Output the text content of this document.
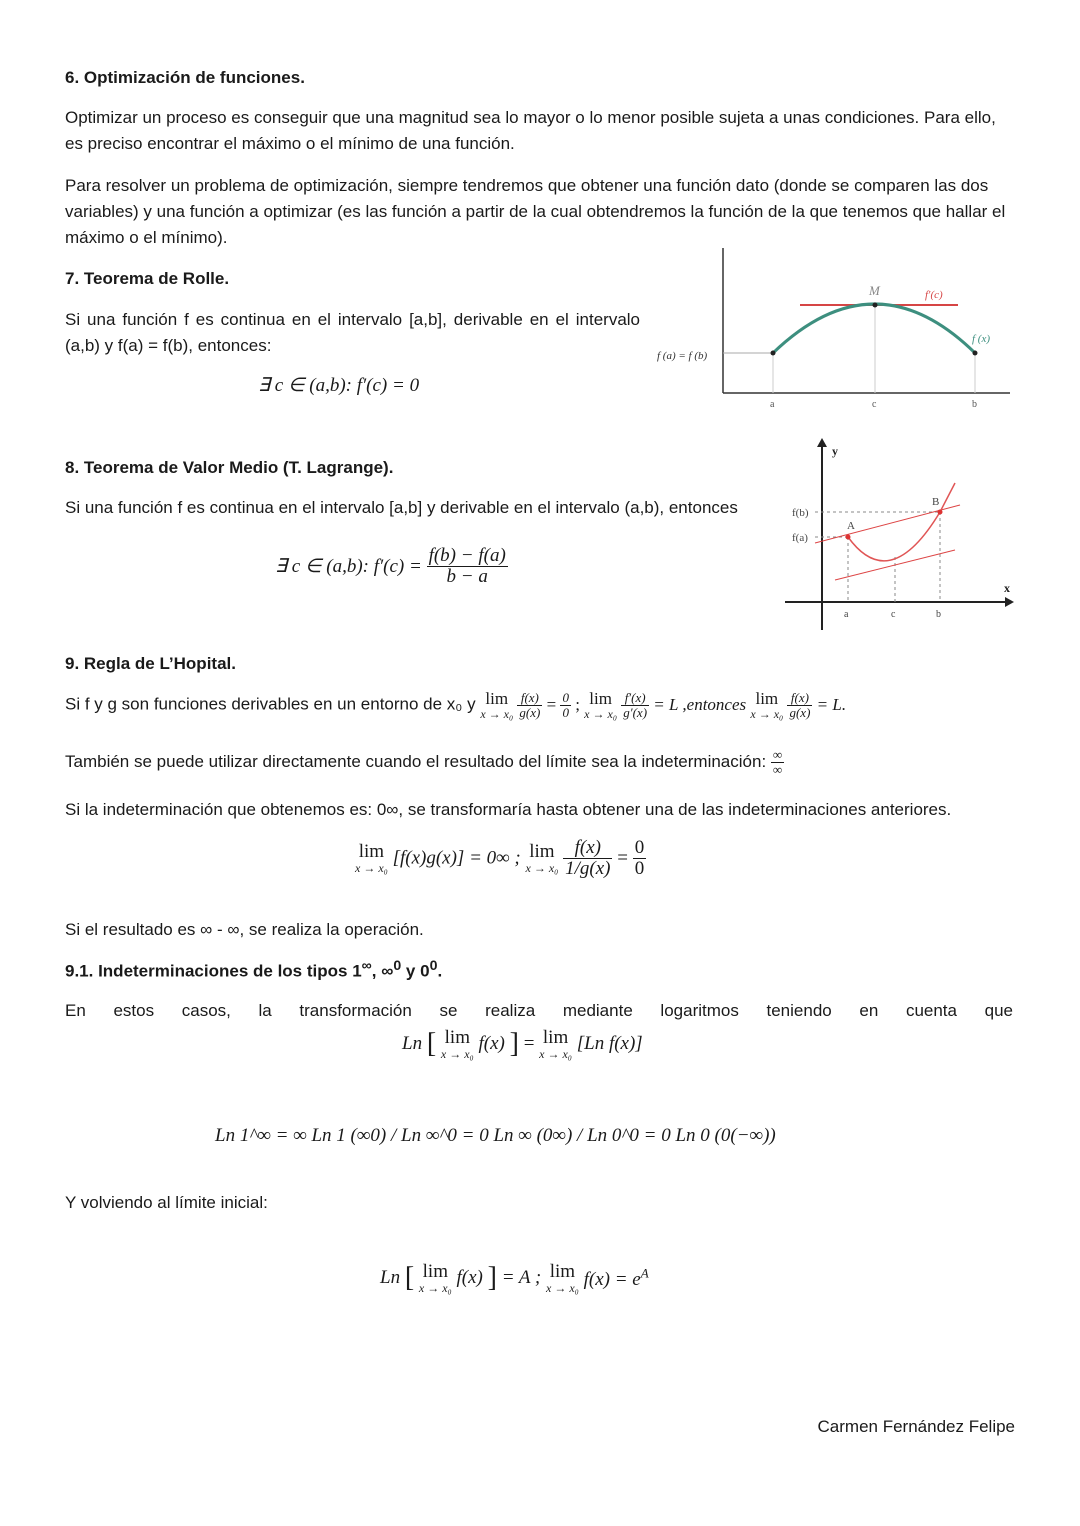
6. Optimización de funciones.
Optimizar un proceso es conseguir que una magnitud sea lo mayor o lo menor posible sujeta a unas condiciones. Para ello, es preciso encontrar el máximo o el mínimo de una función.
Para resolver un problema de optimización, siempre tendremos que obtener una función dato (donde se comparen las dos variables) y una función a optimizar (es las función a partir de la cual obtendremos la función de la que tenemos que hallar el máximo o el mínimo).
7. Teorema de Rolle.
Si una función f es continua en el intervalo [a,b], derivable en el intervalo (a,b) y f(a) = f(b), entonces:
∃ c ∈ (a,b): f′(c) = 0
f (a) = f (b)
M	f′(c)
f (x)
a	c	b
8. Teorema de Valor Medio (T. Lagrange).
Si una función f es continua en el intervalo [a,b] y derivable en el intervalo (a,b), entonces
∃ c ∈ (a,b): $f'(c) = \frac{f(b) - f(a)}{b - a}$
y
x
f(b)
f(a)
A
B
a	c	b
9. Regla de L’Hopital.
Si f y g son funciones derivables en un entorno de x₀ y lim
x → x₀
$\frac{f(x)}{g(x)} = \frac{0}{0}$ ; lim
x → x₀
$\frac{f'(x)}{g'(x)} = L$ ,entonces lim
x → x₀
$\frac{f(x)}{g(x)} = L$.
También se puede utilizar directamente cuando el resultado del límite sea la indeterminación: $\frac{\infty}{\infty}$
Si la indeterminación que obtenemos es: 0∞, se transformaría hasta obtener una de las indeterminaciones anteriores.
lim
x → x₀ [f(x)g(x)] = 0∞ ; lim
x → x₀
$\frac{f(x)}{1/g(x)} = \frac{0}{0}$
Si el resultado es ∞ - ∞, se realiza la operación.
9.1. Indeterminaciones de los tipos 1∞, ∞$^0$ y $0^0$.
En estos casos, la transformación se realiza mediante logaritmos teniendo en cuenta que
Ln [ lim
x → x₀ f(x) ] = lim
x → x₀ [Ln f(x)]
Ln 1^∞ = ∞ Ln 1 (∞0) / Ln ∞^0 = 0 Ln ∞ (0∞) / Ln 0^0 = 0 Ln 0 (0(−∞))
Y volviendo al límite inicial:
Ln [ lim
x → x₀ f(x) ] = A ; lim
x → x₀ $f(x) = e^A$
Carmen Fernández Felipe
